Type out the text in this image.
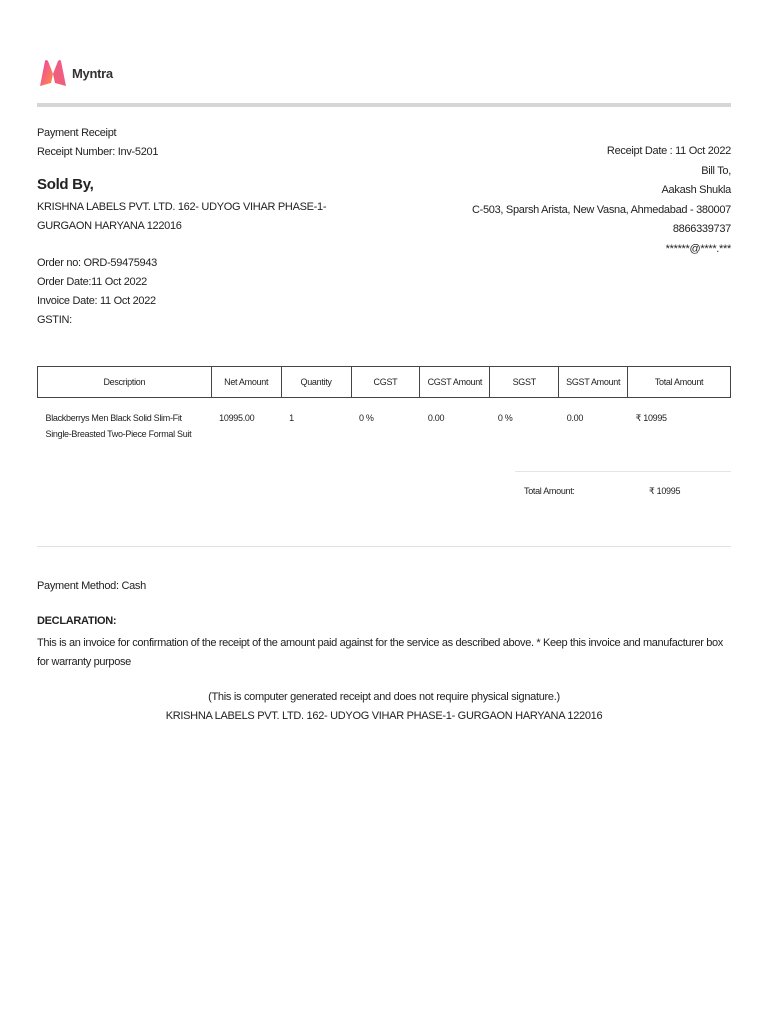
Myntra
Payment Receipt
Receipt Number: Inv-5201
Sold By,
KRISHNA LABELS PVT. LTD. 162- UDYOG VIHAR PHASE-1- GURGAON HARYANA 122016
Order no: ORD-59475943
Order Date:11 Oct 2022
Invoice Date: 11 Oct 2022
GSTIN:
Receipt Date : 11 Oct 2022
Bill To,
Aakash Shukla
C-503, Sparsh Arista, New Vasna, Ahmedabad - 380007
8866339737
******@****.***
Description	Net Amount	Quantity	CGST	CGST Amount	SGST	SGST Amount	Total Amount
Blackberrys Men Black Solid Slim-Fit Single-Breasted Two-Piece Formal Suit	10995.00	1	0 %	0.00	0 %	0.00	₹ 10995
Total Amount:	₹ 10995
Payment Method: Cash
DECLARATION:
This is an invoice for confirmation of the receipt of the amount paid against for the service as described above. * Keep this invoice and manufacturer box for warranty purpose
(This is computer generated receipt and does not require physical signature.)
KRISHNA LABELS PVT. LTD. 162- UDYOG VIHAR PHASE-1- GURGAON HARYANA 122016
